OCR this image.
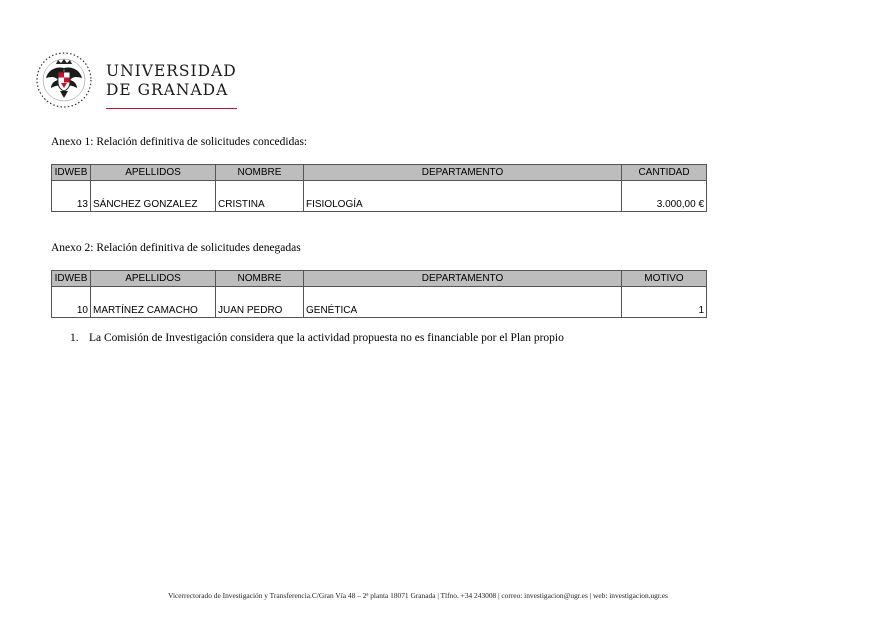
UNIVERSIDAD
DE GRANADA
Anexo 1: Relación definitiva de solicitudes concedidas:
IDWEB	APELLIDOS	NOMBRE	DEPARTAMENTO	CANTIDAD
13	SÁNCHEZ GONZALEZ	CRISTINA	FISIOLOGÍA	3.000,00 €
Anexo 2: Relación definitiva de solicitudes denegadas
IDWEB	APELLIDOS	NOMBRE	DEPARTAMENTO	MOTIVO
10	MARTÍNEZ CAMACHO	JUAN PEDRO	GENÉTICA	1
1. La Comisión de Investigación considera que la actividad propuesta no es financiable por el Plan propio
Vicerrectorado de Investigación y Transferencia.C/Gran Vía 48 – 2ª planta 18071 Granada | Tlfno. +34 243008 | correo: investigacion@ugr.es | web: investigacion.ugr.es
